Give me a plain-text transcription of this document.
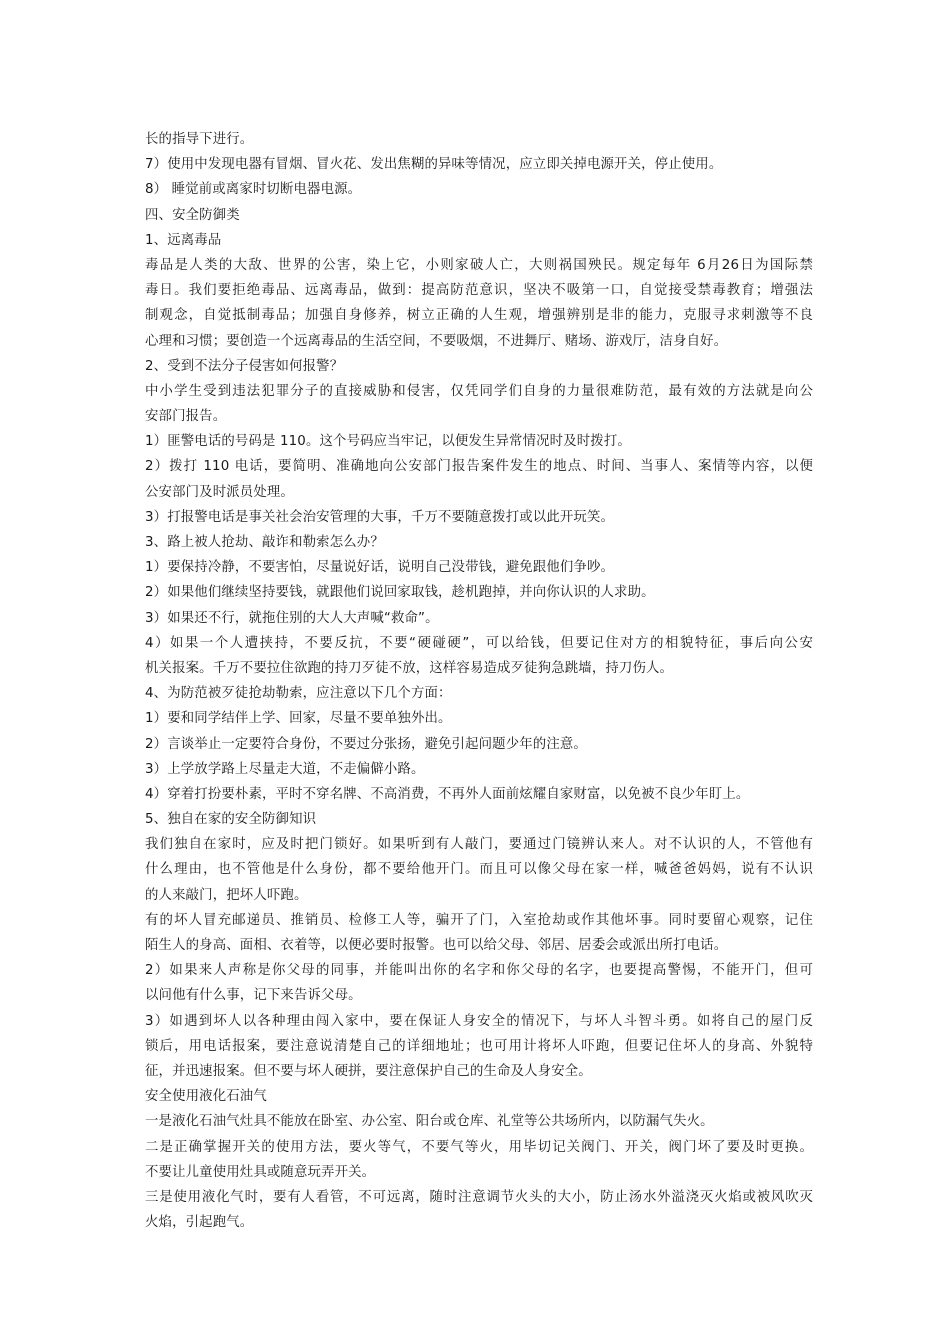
长的指导下进行。
7）使用中发现电器有冒烟、冒火花、发出焦糊的异味等情况，应立即关掉电源开关，停止使用。
8） 睡觉前或离家时切断电器电源。
四、安全防御类
1、远离毒品
毒品是人类的大敌、世界的公害，染上它，小则家破人亡，大则祸国殃民。规定每年 6月26日为国际禁
毒日。我们要拒绝毒品、远离毒品，做到：提高防范意识，坚决不吸第一口，自觉接受禁毒教育；增强法
制观念，自觉抵制毒品；加强自身修养，树立正确的人生观，增强辨别是非的能力，克服寻求刺激等不良
心理和习惯；要创造一个远离毒品的生活空间，不要吸烟，不进舞厅、赌场、游戏厅，洁身自好。
2、受到不法分子侵害如何报警？
中小学生受到违法犯罪分子的直接威胁和侵害，仅凭同学们自身的力量很难防范，最有效的方法就是向公
安部门报告。
1）匪警电话的号码是 110。这个号码应当牢记，以便发生异常情况时及时拨打。
2）拨打 110 电话，要简明、准确地向公安部门报告案件发生的地点、时间、当事人、案情等内容，以便
公安部门及时派员处理。
3）打报警电话是事关社会治安管理的大事，千万不要随意拨打或以此开玩笑。
3、路上被人抢劫、敲诈和勒索怎么办？
1）要保持冷静，不要害怕，尽量说好话，说明自己没带钱，避免跟他们争吵。
2）如果他们继续坚持要钱，就跟他们说回家取钱，趁机跑掉，并向你认识的人求助。
3）如果还不行，就拖住别的大人大声喊“救命”。
4）如果一个人遭挟持，不要反抗，不要“硬碰硬”，可以给钱，但要记住对方的相貌特征，事后向公安
机关报案。千万不要拉住欲跑的持刀歹徒不放，这样容易造成歹徒狗急跳墙，持刀伤人。
4、为防范被歹徒抢劫勒索，应注意以下几个方面：
1）要和同学结伴上学、回家，尽量不要单独外出。
2）言谈举止一定要符合身份，不要过分张扬，避免引起问题少年的注意。
3）上学放学路上尽量走大道，不走偏僻小路。
4）穿着打扮要朴素，平时不穿名牌、不高消费，不再外人面前炫耀自家财富，以免被不良少年盯上。
5、独自在家的安全防御知识
我们独自在家时，应及时把门锁好。如果听到有人敲门，要通过门镜辨认来人。对不认识的人，不管他有
什么理由，也不管他是什么身份，都不要给他开门。而且可以像父母在家一样，喊爸爸妈妈，说有不认识
的人来敲门，把坏人吓跑。
有的坏人冒充邮递员、推销员、检修工人等，骗开了门，入室抢劫或作其他坏事。同时要留心观察，记住
陌生人的身高、面相、衣着等，以便必要时报警。也可以给父母、邻居、居委会或派出所打电话。
2）如果来人声称是你父母的同事，并能叫出你的名字和你父母的名字，也要提高警惕，不能开门，但可
以问他有什么事，记下来告诉父母。
3）如遇到坏人以各种理由闯入家中，要在保证人身安全的情况下，与坏人斗智斗勇。如将自己的屋门反
锁后，用电话报案，要注意说清楚自己的详细地址；也可用计将坏人吓跑，但要记住坏人的身高、外貌特
征，并迅速报案。但不要与坏人硬拼，要注意保护自己的生命及人身安全。
安全使用液化石油气
一是液化石油气灶具不能放在卧室、办公室、阳台或仓库、礼堂等公共场所内，以防漏气失火。
二是正确掌握开关的使用方法，要火等气，不要气等火，用毕切记关阀门、开关，阀门坏了要及时更换。
不要让儿童使用灶具或随意玩弄开关。
三是使用液化气时，要有人看管，不可远离，随时注意调节火头的大小，防止汤水外溢浇灭火焰或被风吹灭
火焰，引起跑气。
